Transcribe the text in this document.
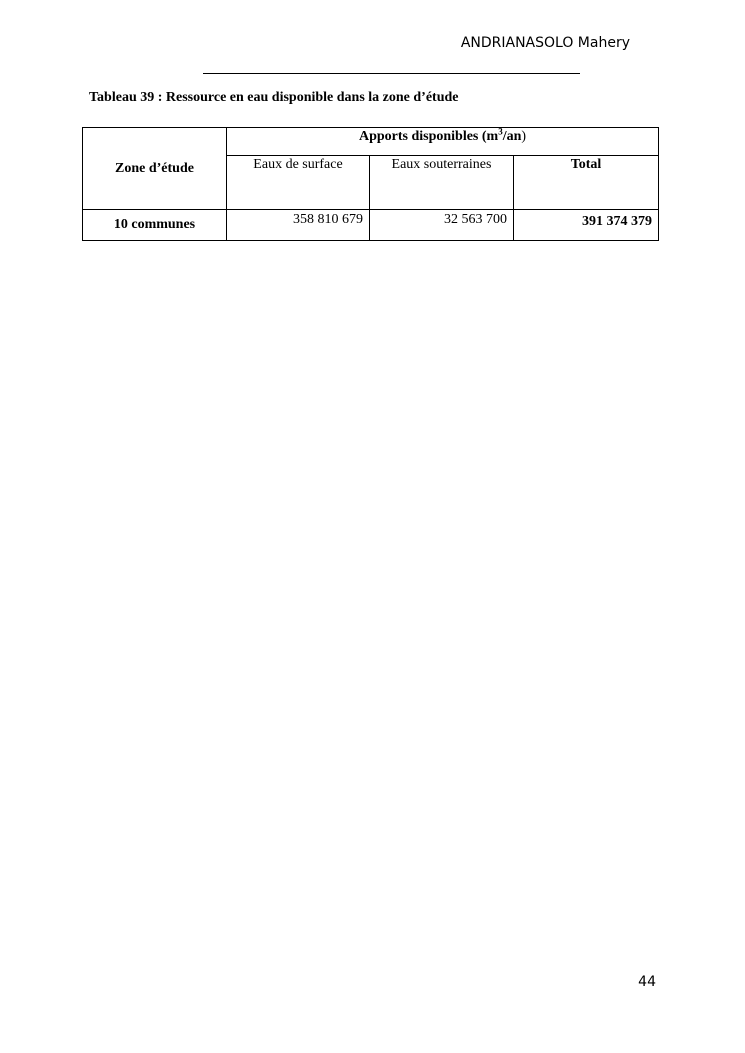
ANDRIANASOLO Mahery
Tableau 39 : Ressource en eau disponible dans la zone d’étude
Zone d’étude	Apports disponibles $(m^3/an)$		
	Eaux de surface	Eaux souterraines	Total
10 communes	358 810 679	32 563 700	391 374 379
44
